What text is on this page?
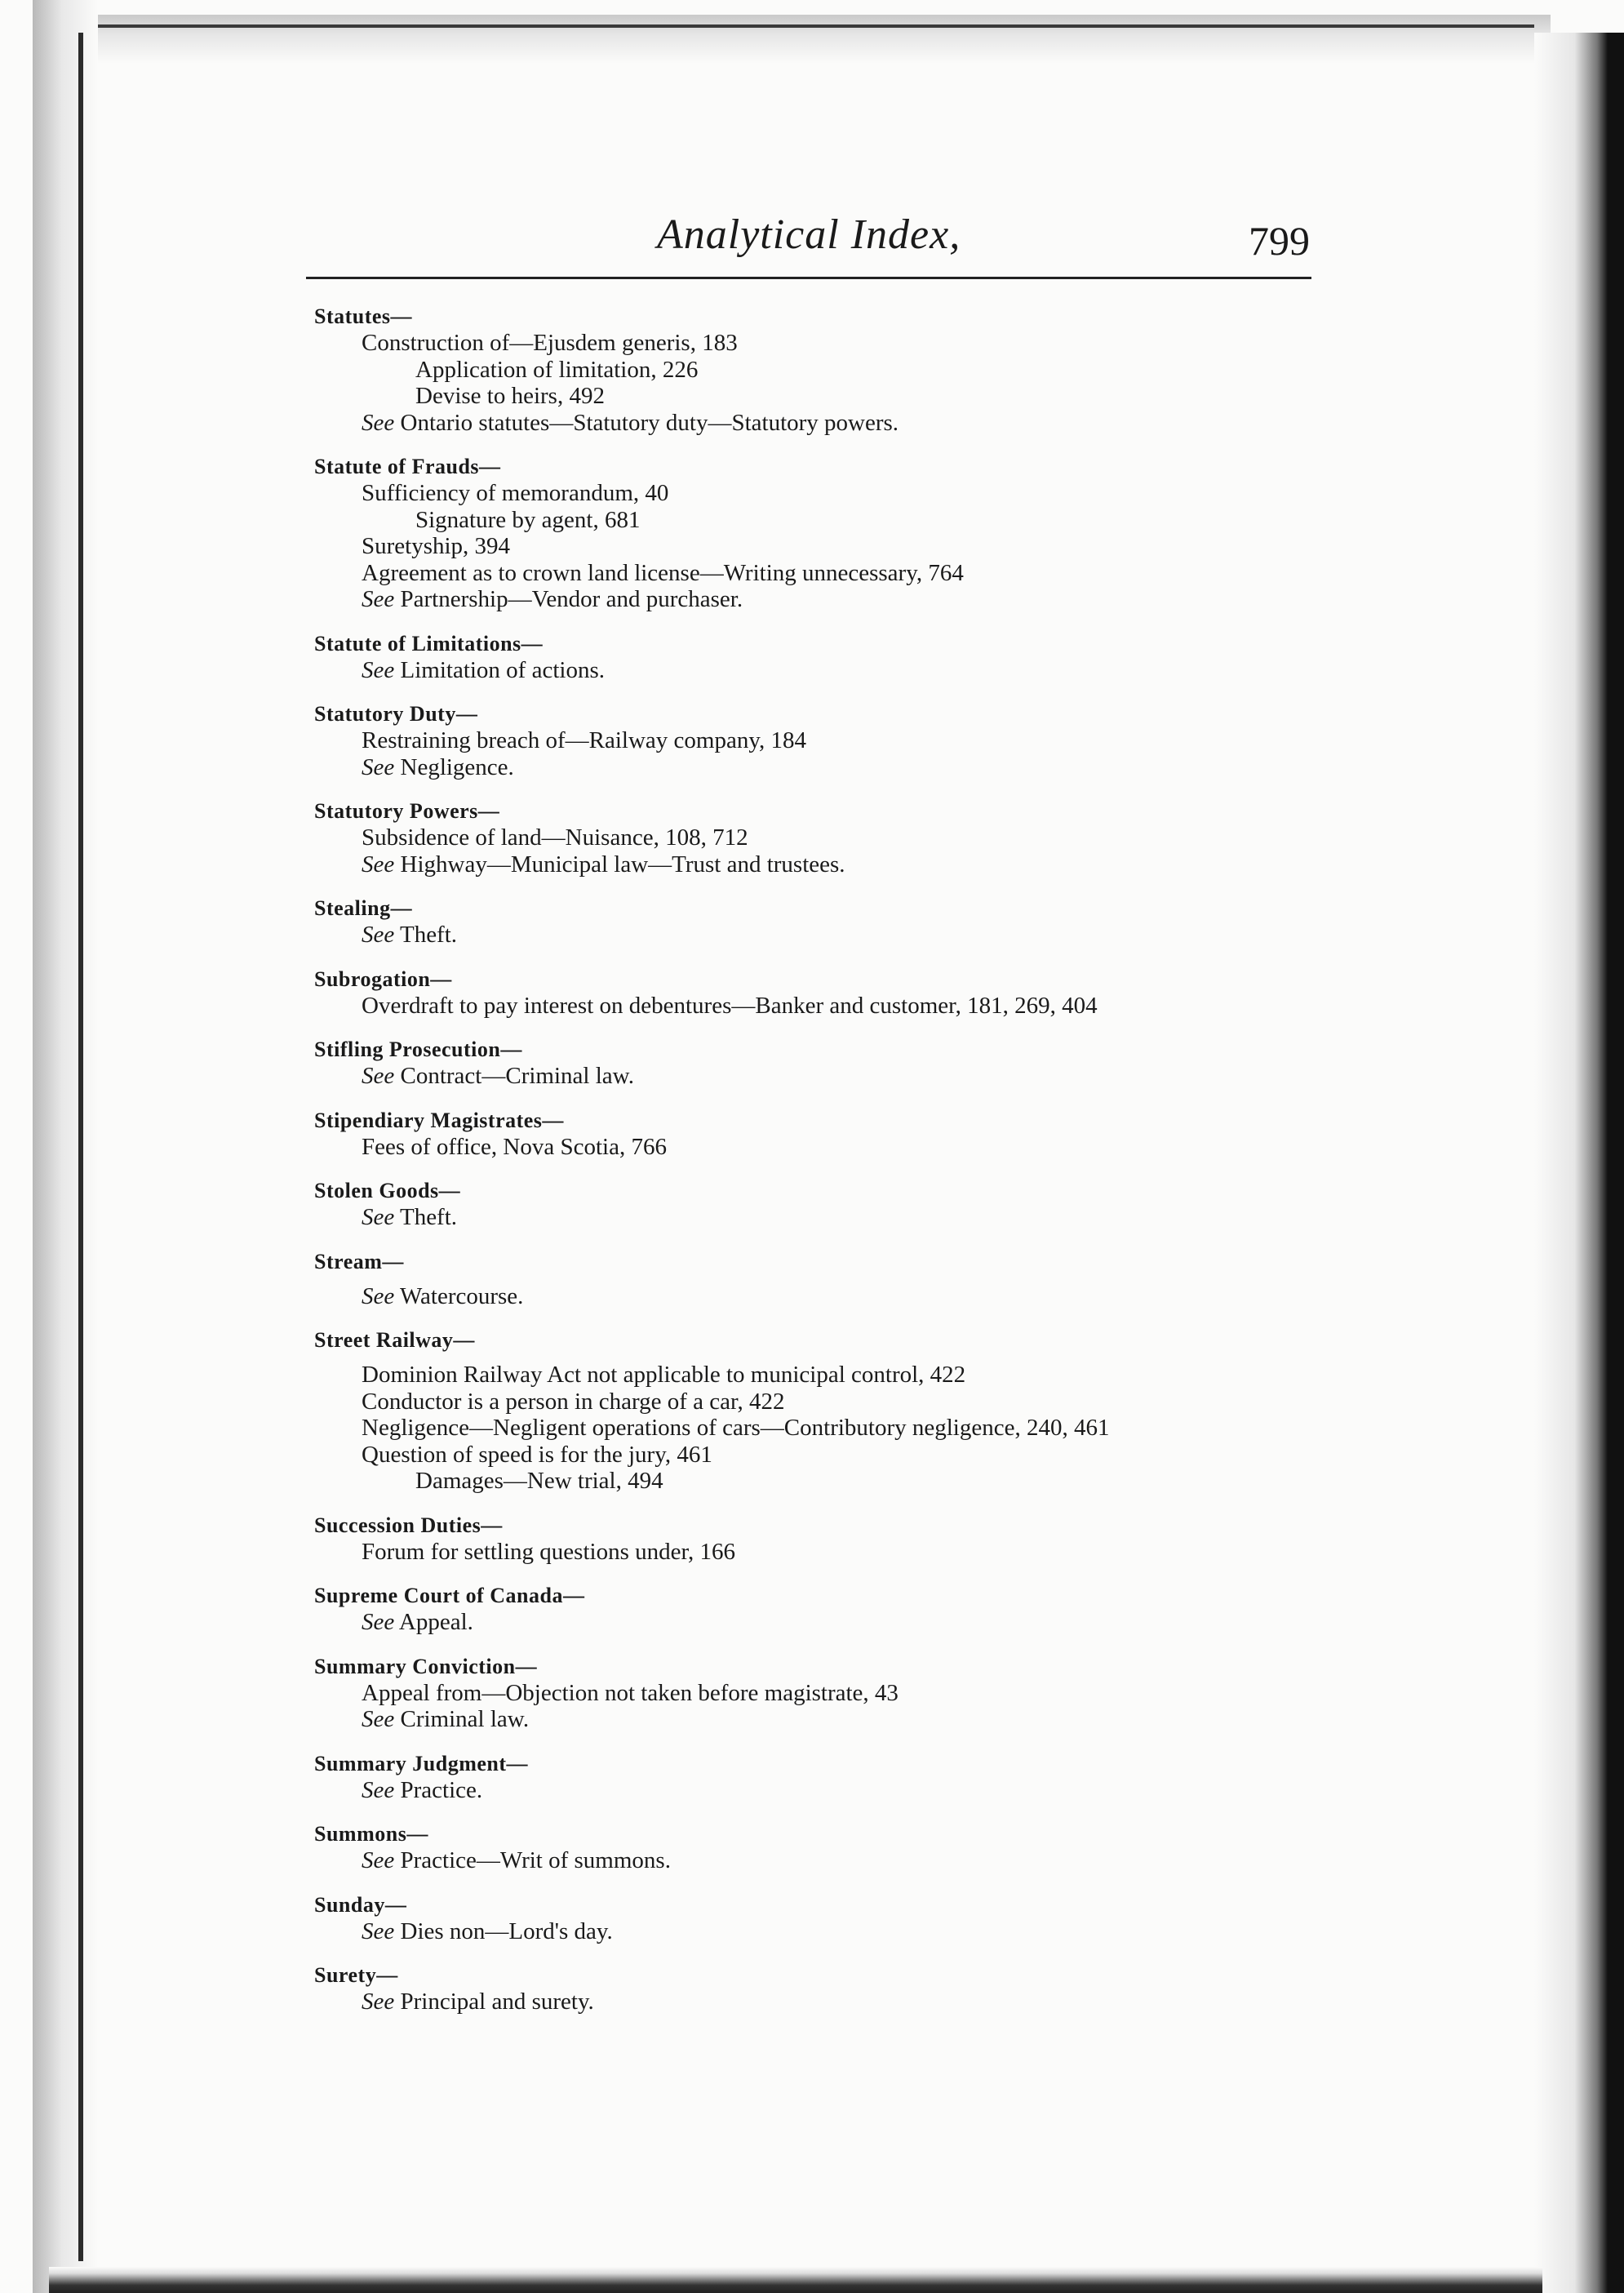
Analytical Index,	799
Statutes—
Construction of—Ejusdem generis, 183
Application of limitation, 226
Devise to heirs, 492
See Ontario statutes—Statutory duty—Statutory powers.
Statute of Frauds—
Sufficiency of memorandum, 40
Signature by agent, 681
Suretyship, 394
Agreement as to crown land license—Writing unnecessary, 764
See Partnership—Vendor and purchaser.
Statute of Limitations—
See Limitation of actions.
Statutory Duty—
Restraining breach of—Railway company, 184
See Negligence.
Statutory Powers—
Subsidence of land—Nuisance, 108, 712
See Highway—Municipal law—Trust and trustees.
Stealing—
See Theft.
Subrogation—
Overdraft to pay interest on debentures—Banker and customer, 181, 269, 404
Stifling Prosecution—
See Contract—Criminal law.
Stipendiary Magistrates—
Fees of office, Nova Scotia, 766
Stolen Goods—
See Theft.
Stream—
See Watercourse.
Street Railway—
Dominion Railway Act not applicable to municipal control, 422
Conductor is a person in charge of a car, 422
Negligence—Negligent operations of cars—Contributory negligence, 240, 461
Question of speed is for the jury, 461
Damages—New trial, 494
Succession Duties—
Forum for settling questions under, 166
Supreme Court of Canada—
See Appeal.
Summary Conviction—
Appeal from—Objection not taken before magistrate, 43
See Criminal law.
Summary Judgment—
See Practice.
Summons—
See Practice—Writ of summons.
Sunday—
See Dies non—Lord's day.
Surety—
See Principal and surety.
